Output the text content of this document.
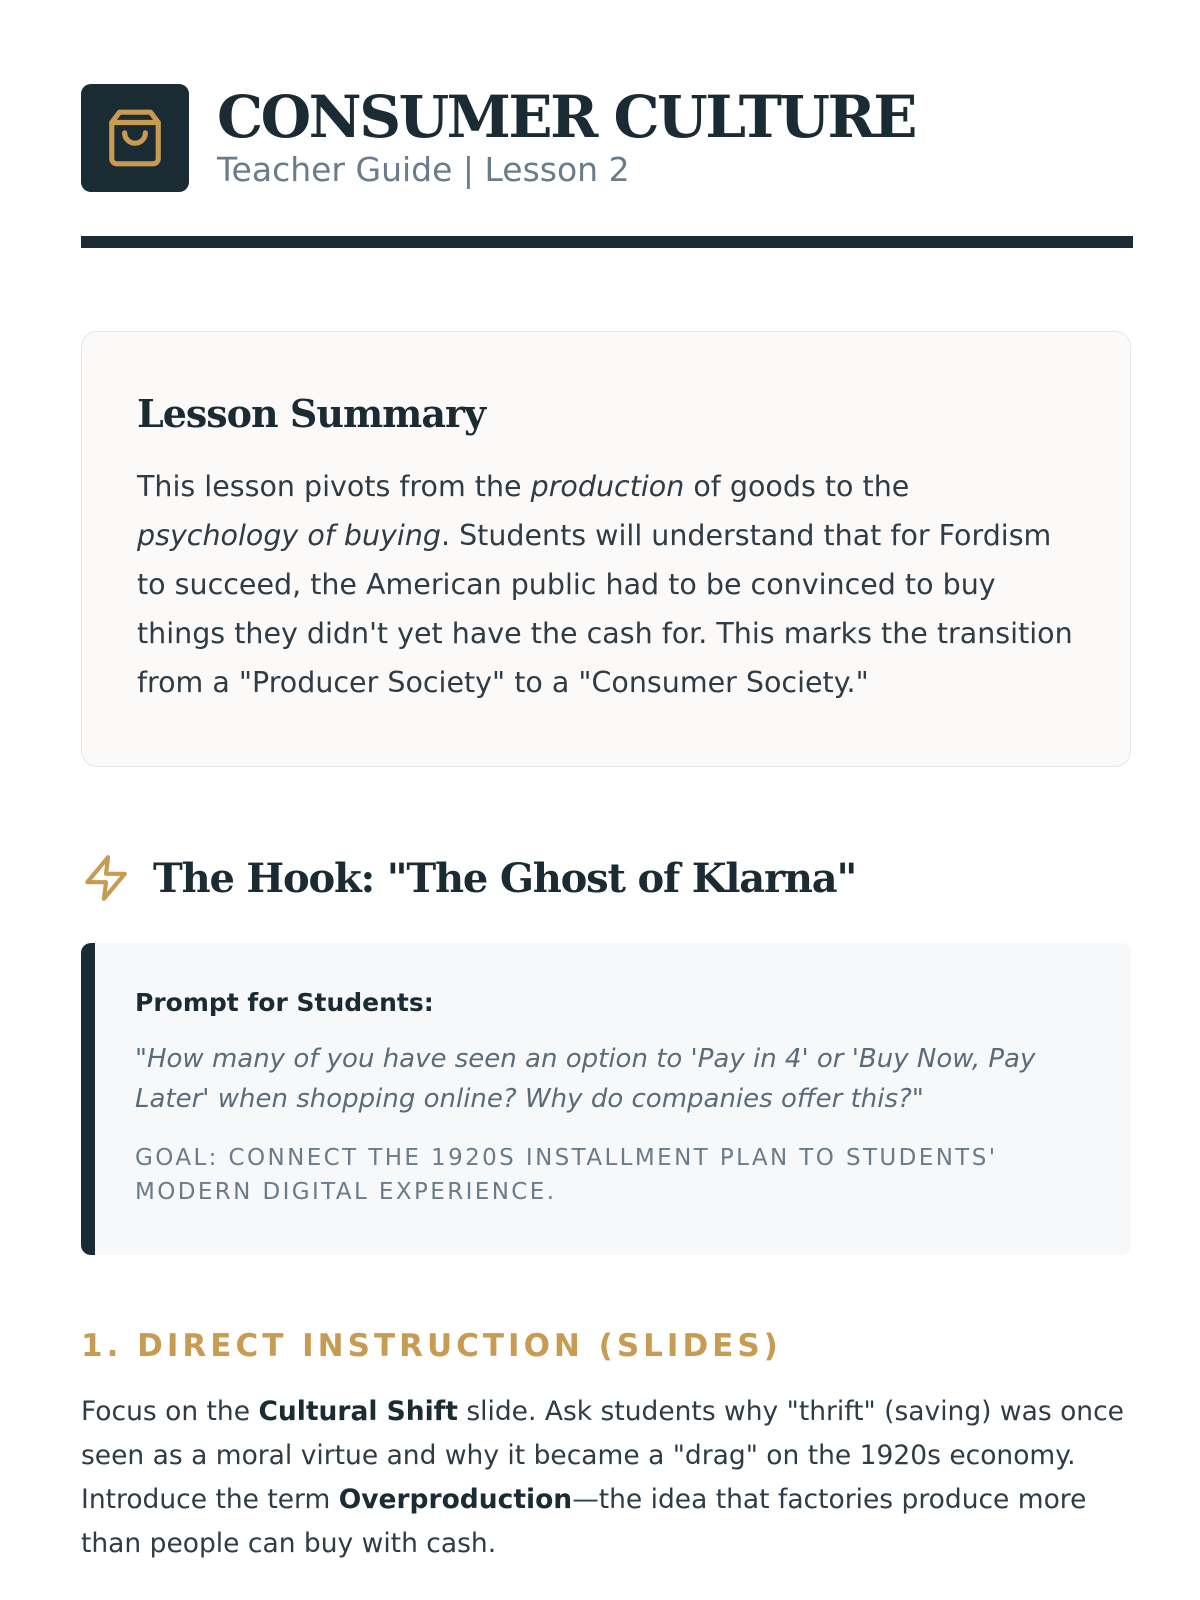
CONSUMER CULTURE
Teacher Guide | Lesson 2
Lesson Summary

This lesson pivots from the production of goods to the psychology of buying. Students will understand that for Fordism to succeed, the American public had to be convinced to buy things they didn't yet have the cash for. This marks the transition from a "Producer Society" to a "Consumer Society."

The Hook: "The Ghost of Klarna"
Prompt for Students:

"How many of you have seen an option to 'Pay in 4' or 'Buy Now, Pay Later' when shopping online? Why do companies offer this?"

GOAL: CONNECT THE 1920S INSTALLMENT PLAN TO STUDENTS' MODERN DIGITAL EXPERIENCE.
1. DIRECT INSTRUCTION (SLIDES)

Focus on the Cultural Shift slide. Ask students why "thrift" (saving) was once seen as a moral virtue and why it became a "drag" on the 1920s economy. Introduce the term Overproduction—the idea that factories produce more than people can buy with cash.
